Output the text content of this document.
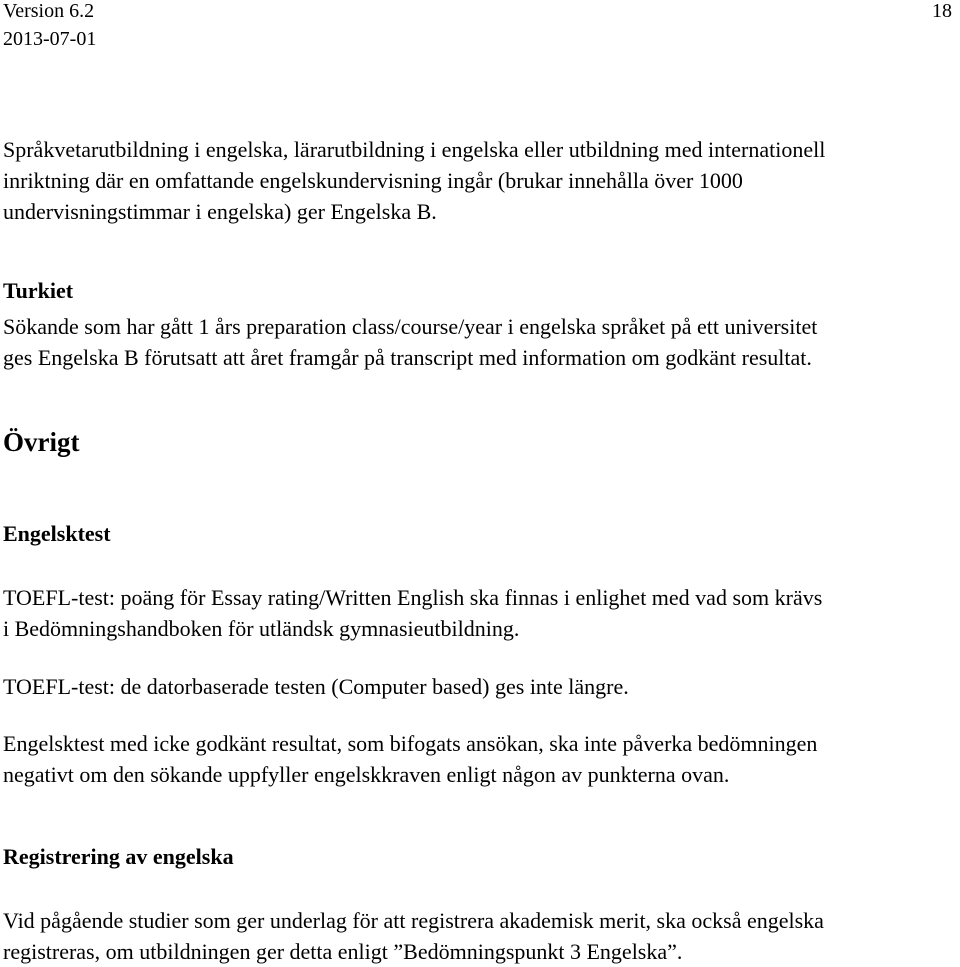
Version 6.2
2013-07-01
18
Språkvetarutbildning i engelska, lärarutbildning i engelska eller utbildning med internationell
inriktning där en omfattande engelskundervisning ingår (brukar innehålla över 1000
undervisningstimmar i engelska) ger Engelska B.
Turkiet
Sökande som har gått 1 års preparation class/course/year i engelska språket på ett universitet
ges Engelska B förutsatt att året framgår på transcript med information om godkänt resultat.
Övrigt
Engelsktest
TOEFL-test: poäng för Essay rating/Written English ska finnas i enlighet med vad som krävs
i Bedömningshandboken för utländsk gymnasieutbildning.
TOEFL-test: de datorbaserade testen (Computer based) ges inte längre.
Engelsktest med icke godkänt resultat, som bifogats ansökan, ska inte påverka bedömningen
negativt om den sökande uppfyller engelskkraven enligt någon av punkterna ovan.
Registrering av engelska
Vid pågående studier som ger underlag för att registrera akademisk merit, ska också engelska
registreras, om utbildningen ger detta enligt ”Bedömningspunkt 3 Engelska”.
